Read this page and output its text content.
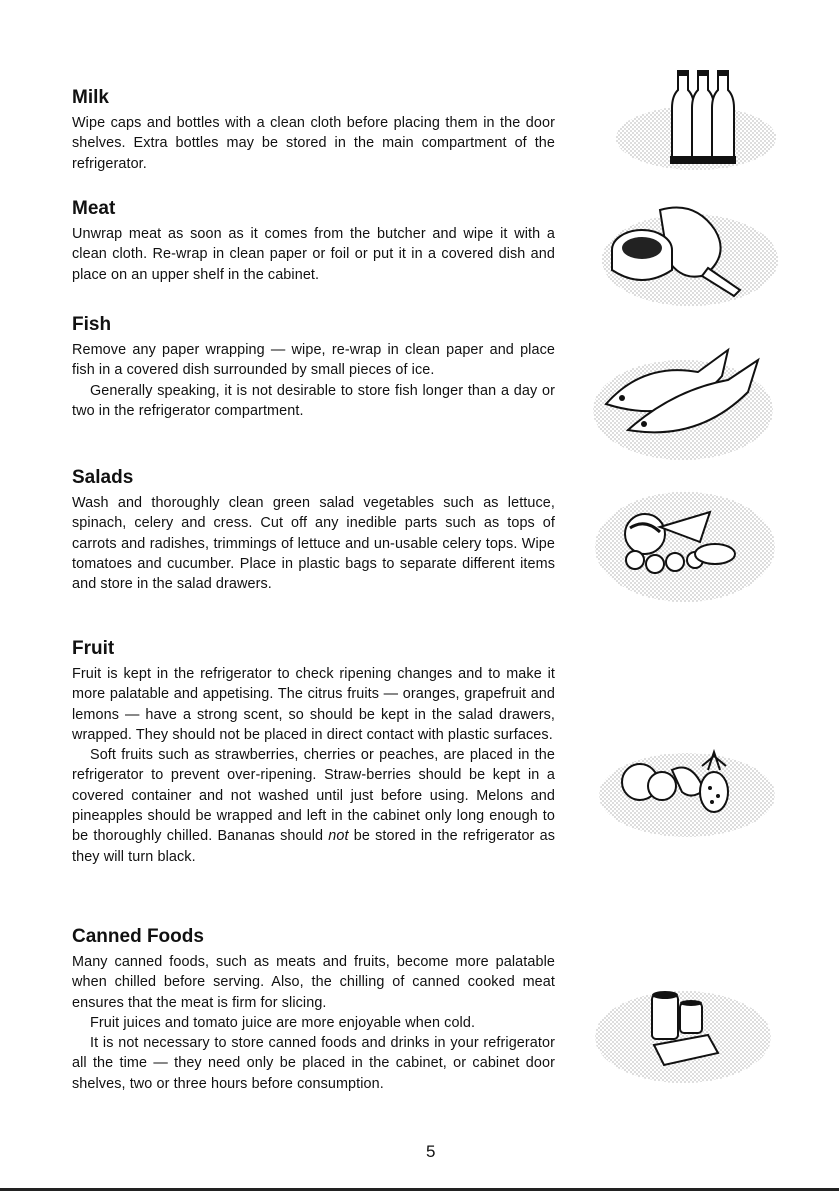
Milk

Wipe caps and bottles with a clean cloth before placing them in the door shelves. Extra bottles may be stored in the main compartment of the refrigerator.

Meat

Unwrap meat as soon as it comes from the butcher and wipe it with a clean cloth. Re-wrap in clean paper or foil or put it in a covered dish and place on an upper shelf in the cabinet.

Fish

Remove any paper wrapping — wipe, re-wrap in clean paper and place fish in a covered dish surrounded by small pieces of ice.

Generally speaking, it is not desirable to store fish longer than a day or two in the refrigerator compartment.

Salads

Wash and thoroughly clean green salad vegetables such as lettuce, spinach, celery and cress. Cut off any inedible parts such as tops of carrots and radishes, trimmings of lettuce and un-usable celery tops. Wipe tomatoes and cucumber. Place in plastic bags to separate different items and store in the salad drawers.

Fruit

Fruit is kept in the refrigerator to check ripening changes and to make it more palatable and appetising. The citrus fruits — oranges, grapefruit and lemons — have a strong scent, so should be kept in the salad drawers, wrapped. They should not be placed in direct contact with plastic surfaces.

Soft fruits such as strawberries, cherries or peaches, are placed in the refrigerator to prevent over-ripening. Straw-berries should be kept in a covered container and not washed until just before using. Melons and pineapples should be wrapped and left in the cabinet only long enough to be thoroughly chilled. Bananas should not be stored in the refrigerator as they will turn black.

Canned Foods

Many canned foods, such as meats and fruits, become more palatable when chilled before serving. Also, the chilling of canned cooked meat ensures that the meat is firm for slicing.

Fruit juices and tomato juice are more enjoyable when cold.

It is not necessary to store canned foods and drinks in your refrigerator all the time — they need only be placed in the cabinet, or cabinet door shelves, two or three hours before consumption.

5
